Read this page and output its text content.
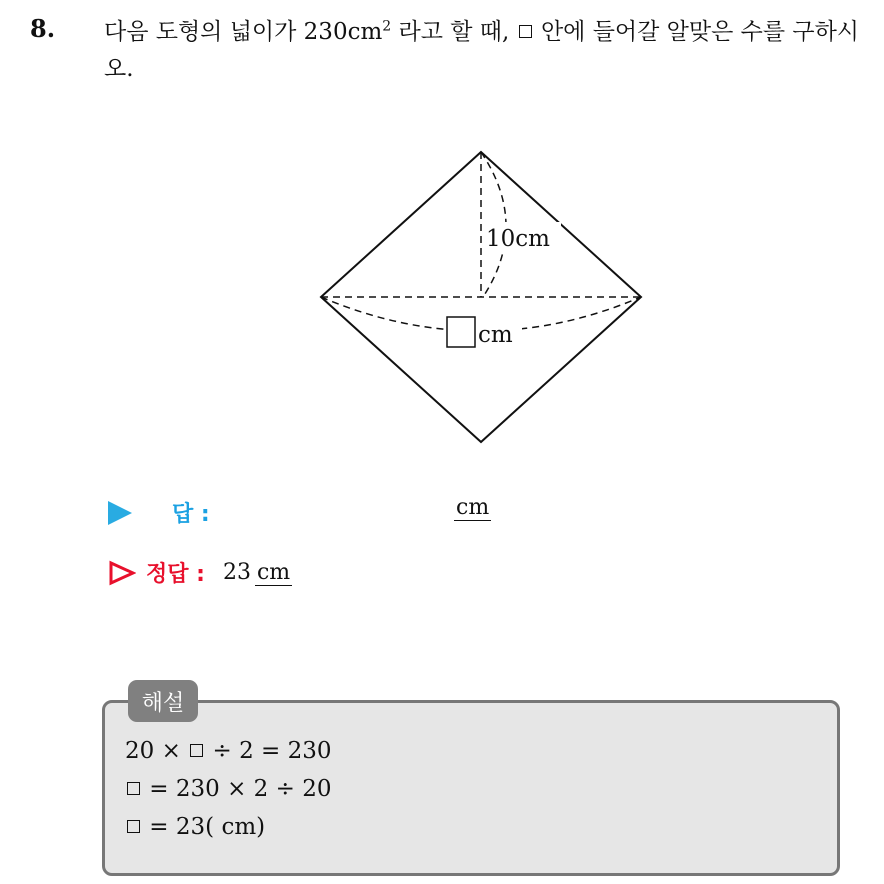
8. 다음 도형의 넓이가 $230cm^2$ 라고 할 때,  안에 들어갈 알맞은 수를 구하시오.
10cm
cm
답 :	cm
정답 : 23 cm
해설
20 ×  ÷ 2 = 230
= 230 × 2 ÷ 20
= 23( cm)
